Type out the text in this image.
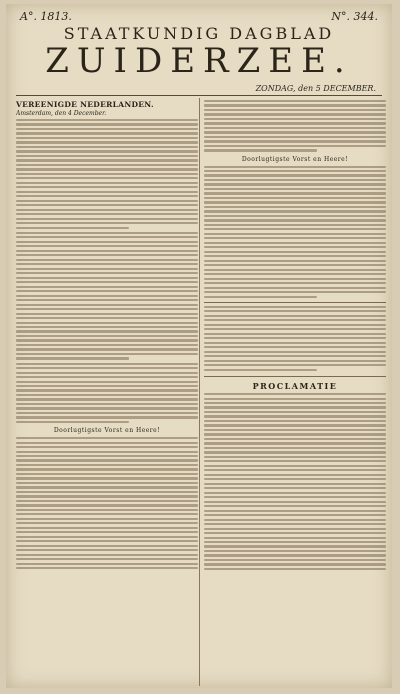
A°. 1813.	N°. 344.
STAATKUNDIG DAGBLAD
ZUIDERZEE.
ZONDAG, den 5 DECEMBER.
VEREENIGDE NEDERLANDEN.
Amsterdam, den 4 December.
Doorlugtigste Vorst en Heere!
Doorlugtigste Vorst en Heere!
PROCLAMATIE
